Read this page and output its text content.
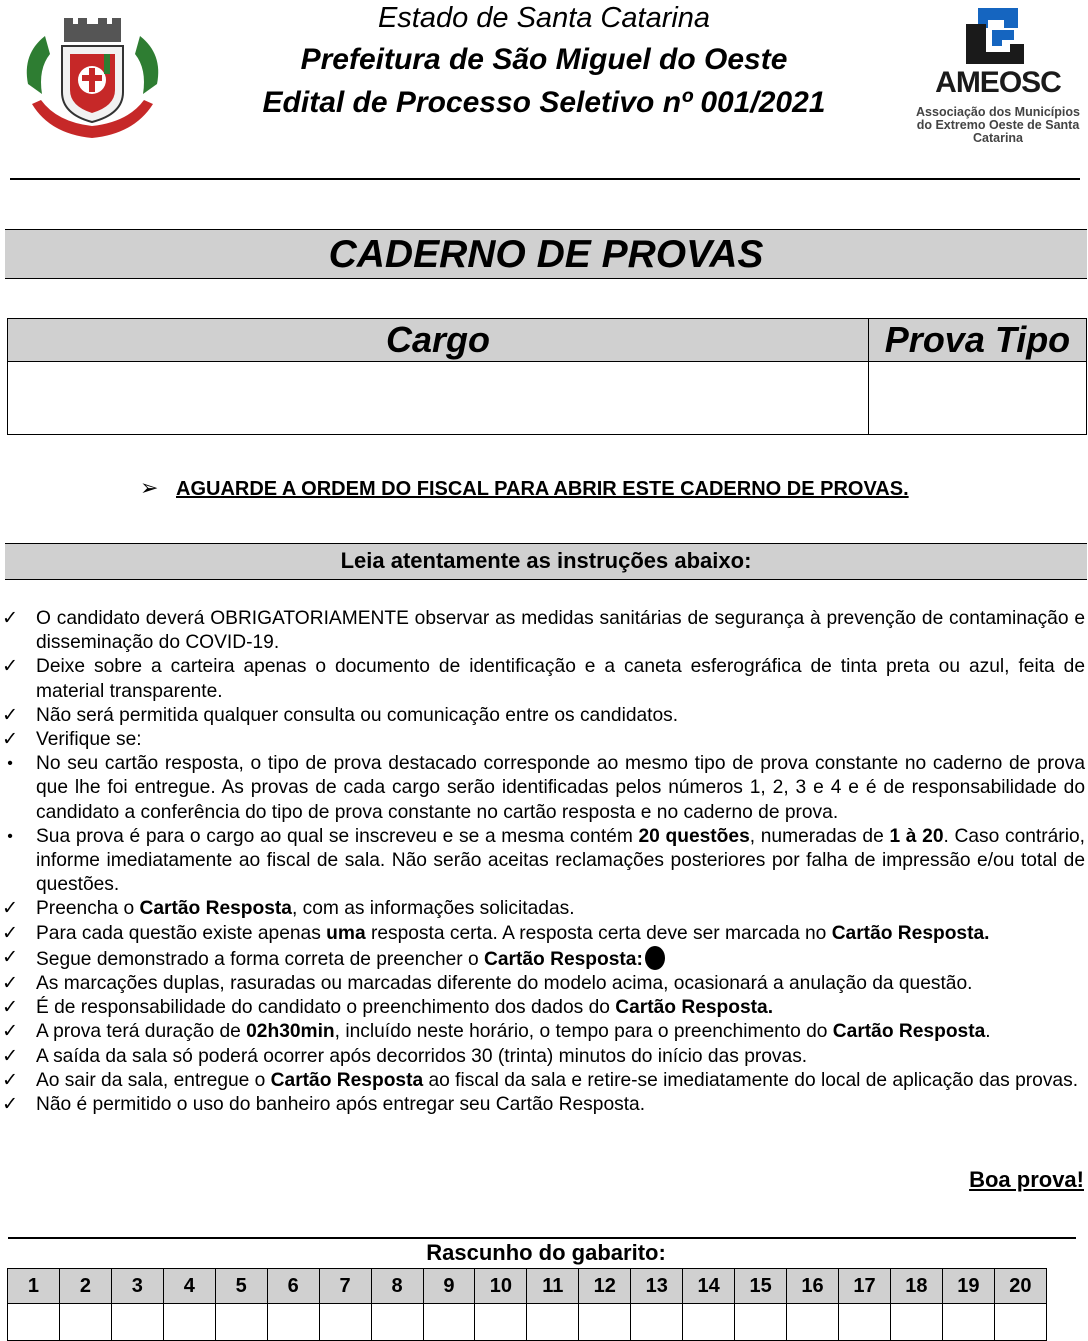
Estado de Santa Catarina
Prefeitura de São Miguel do Oeste
Edital de Processo Seletivo nº 001/2021
AMEOSC
Associação dos Municípios do Extremo Oeste de Santa Catarina
CADERNO DE PROVAS
Cargo	Prova Tipo

➢ AGUARDE A ORDEM DO FISCAL PARA ABRIR ESTE CADERNO DE PROVAS.
Leia atentamente as instruções abaixo:
✓ O candidato deverá OBRIGATORIAMENTE observar as medidas sanitárias de segurança à prevenção de contaminação e disseminação do COVID-19.
✓ Deixe sobre a carteira apenas o documento de identificação e a caneta esferográfica de tinta preta ou azul, feita de material transparente.
✓ Não será permitida qualquer consulta ou comunicação entre os candidatos.
✓ Verifique se:
•	No seu cartão resposta, o tipo de prova destacado corresponde ao mesmo tipo de prova constante no caderno de prova que lhe foi entregue. As provas de cada cargo serão identificadas pelos números 1, 2, 3 e 4 e é de responsabilidade do candidato a conferência do tipo de prova constante no cartão resposta e no caderno de prova.
•	Sua prova é para o cargo ao qual se inscreveu e se a mesma contém 20 questões, numeradas de 1 à 20. Caso contrário, informe imediatamente ao fiscal de sala. Não serão aceitas reclamações posteriores por falha de impressão e/ou total de questões.
✓ Preencha o Cartão Resposta, com as informações solicitadas.
✓ Para cada questão existe apenas uma resposta certa. A resposta certa deve ser marcada no Cartão Resposta.
✓ Segue demonstrado a forma correta de preencher o Cartão Resposta:
✓ As marcações duplas, rasuradas ou marcadas diferente do modelo acima, ocasionará a anulação da questão.
✓ É de responsabilidade do candidato o preenchimento dos dados do Cartão Resposta.
✓ A prova terá duração de 02h30min, incluído neste horário, o tempo para o preenchimento do Cartão Resposta.
✓ A saída da sala só poderá ocorrer após decorridos 30 (trinta) minutos do início das provas.
✓ Ao sair da sala, entregue o Cartão Resposta ao fiscal da sala e retire-se imediatamente do local de aplicação das provas.
✓ Não é permitido o uso do banheiro após entregar seu Cartão Resposta.
Boa prova!
Rascunho do gabarito:
1	2	3	4	5	6	7	8	9	10	11	12	13	14	15	16	17	18	19	20
